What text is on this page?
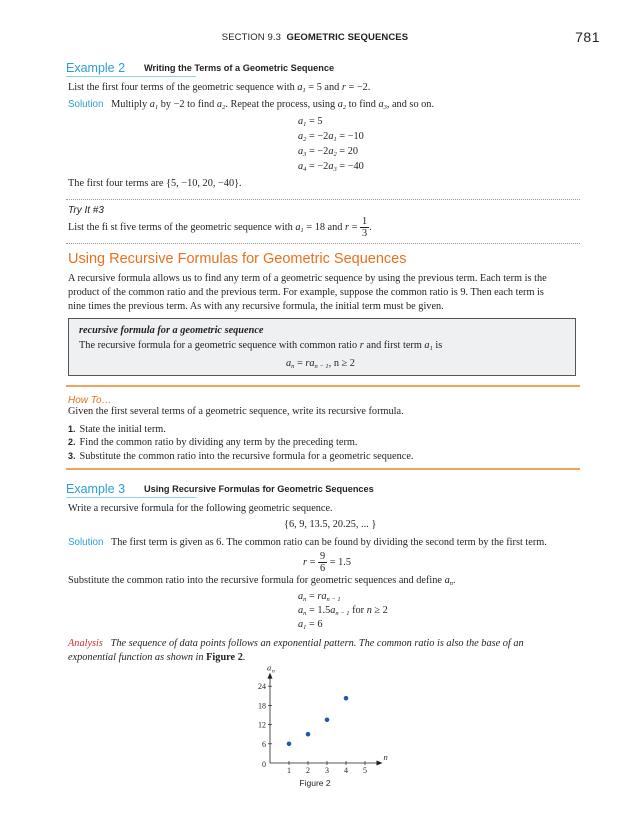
SECTION 9.3 GEOMETRIC SEQUENCES	781
Example 2	Writing the Terms of a Geometric Sequence
List the first four terms of the geometric sequence with $a_1 = 5$ and r = −2.
Solution Multiply $a_1$ by −2 to find $a_2$. Repeat the process, using $a_2$ to find $a_3$, and so on.
$a_1 = 5$
$a_2 = -2a_1 = -10$
$a_3 = -2a_2 = 20$
$a_4 = -2a_3 = -40$
The first four terms are {5, −10, 20, −40}.
Try It #3
List the fi st five terms of the geometric sequence with $a_1 = 18$ and $r = \frac{1}{3}$ .
Using Recursive Formulas for Geometric Sequences
A recursive formula allows us to find any term of a geometric sequence by using the previous term. Each term is the
product of the common ratio and the previous term. For example, suppose the common ratio is 9. Then each term is
nine times the previous term. As with any recursive formula, the initial term must be given.
recursive formula for a geometric sequence
The recursive formula for a geometric sequence with common ratio r and first term $a_1$ is
$a_n = ra_{n - 1}$, n ≥ 2
How To…
Given the first several terms of a geometric sequence, write its recursive formula.
1. State the initial term.
2. Find the common ratio by dividing any term by the preceding term.
3. Substitute the common ratio into the recursive formula for a geometric sequence.
Example 3	Using Recursive Formulas for Geometric Sequences
Write a recursive formula for the following geometric sequence.
{6, 9, 13.5, 20.25, ... }
Solution The first term is given as 6. The common ratio can be found by dividing the second term by the first term.
$r = \frac{9}{6} = 1.5$
Substitute the common ratio into the recursive formula for geometric sequences and define $a_n$.
$a_n = ra_{n - 1}$
$a_n = 1.5a_{n - 1}$ for n ≥ 2
$a_1 = 6$
Analysis The sequence of data points follows an exponential pattern. The common ratio is also the base of an
exponential function as shown in Figure 2.
1 2 3 4 5
6
12
18
24
0
n
a n
Figure 2
